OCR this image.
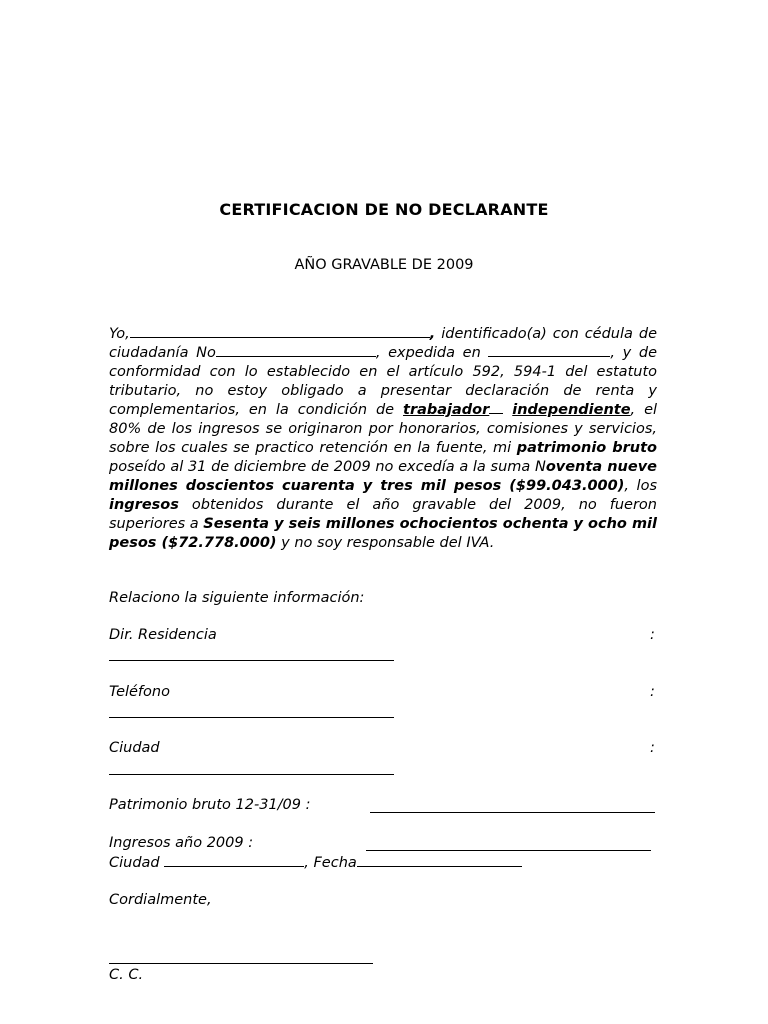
CERTIFICACION DE NO DECLARANTE
AÑO GRAVABLE DE 2009
Yo,	, identificado(a) con cédula de ciudadanía No	, expedida en	, y de conformidad con lo establecido en el artículo 592, 594-1 del estatuto tributario, no estoy obligado a presentar declaración de renta y complementarios, en la condición de trabajador independiente, el 80% de los ingresos se originaron por honorarios, comisiones y servicios, sobre los cuales se practico retención en la fuente, mi patrimonio bruto poseído al 31 de diciembre de 2009 no excedía a la suma Noventa nueve millones doscientos cuarenta y tres mil pesos ($99.043.000), los ingresos obtenidos durante el año gravable del 2009, no fueron superiores a Sesenta y seis millones ochocientos ochenta y ocho mil pesos ($72.778.000) y no soy responsable del IVA.
Relaciono la siguiente información:
Dir. Residencia	:
Teléfono	:
Ciudad	:
Patrimonio bruto 12-31/09 :
Ingresos año 2009 :
Ciudad	, Fecha
Cordialmente,
C. C.
